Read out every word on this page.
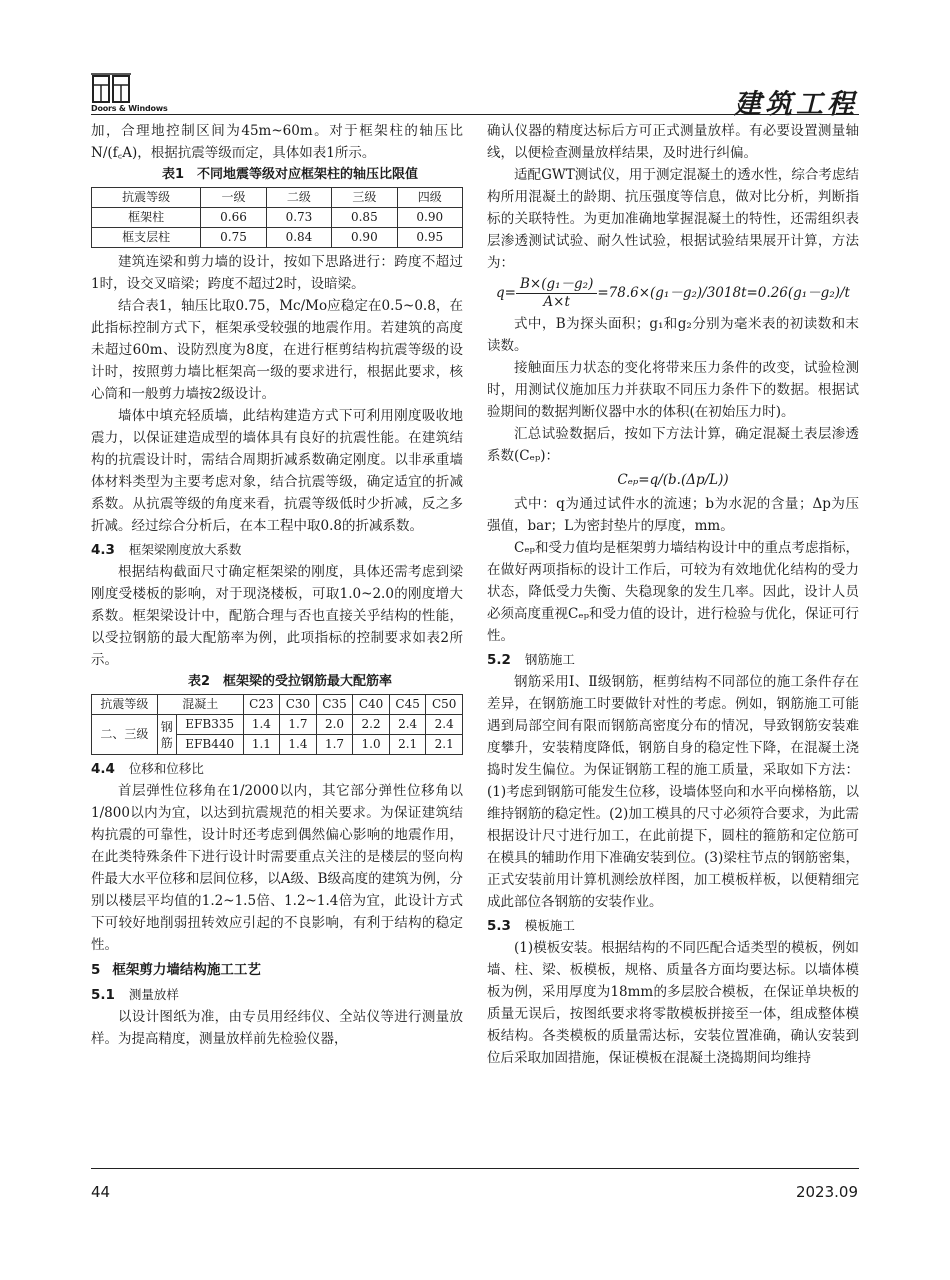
Doors & Windows	建筑工程

加，合理地控制区间为45m~60m。对于框架柱的轴压比N/(f꜀A)，根据抗震等级而定，具体如表1所示。

表1　不同地震等级对应框架柱的轴压比限值

抗震等级	一级	二级	三级	四级
框架柱	0.66	0.73	0.85	0.90
框支层柱	0.75	0.84	0.90	0.95

建筑连梁和剪力墙的设计，按如下思路进行：跨度不超过1时，设交叉暗梁；跨度不超过2时，设暗梁。

结合表1，轴压比取0.75，Mc/Mo应稳定在0.5~0.8，在此指标控制方式下，框架承受较强的地震作用。若建筑的高度未超过60m、设防烈度为8度，在进行框剪结构抗震等级的设计时，按照剪力墙比框架高一级的要求进行，根据此要求，核心筒和一般剪力墙按2级设计。

墙体中填充轻质墙，此结构建造方式下可利用刚度吸收地震力，以保证建造成型的墙体具有良好的抗震性能。在建筑结构的抗震设计时，需结合周期折减系数确定刚度。以非承重墙体材料类型为主要考虑对象，结合抗震等级，确定适宜的折减系数。从抗震等级的角度来看，抗震等级低时少折减，反之多折减。经过综合分析后，在本工程中取0.8的折减系数。

4.3 框架梁刚度放大系数

根据结构截面尺寸确定框架梁的刚度，具体还需考虑到梁刚度受楼板的影响，对于现浇楼板，可取1.0~2.0的刚度增大系数。框架梁设计中，配筋合理与否也直接关乎结构的性能，以受拉钢筋的最大配筋率为例，此项指标的控制要求如表2所示。

表2　框架梁的受拉钢筋最大配筋率

抗震等级	混凝土		C23	C30	C35	C40	C45	C50
二、三级	钢筋	EFB335	1.4	1.7	2.0	2.2	2.4	2.4
		EFB440	1.1	1.4	1.7	1.0	2.1	2.1
4.4 位移和位移比

首层弹性位移角在1/2000以内，其它部分弹性位移角以1/800以内为宜，以达到抗震规范的相关要求。为保证建筑结构抗震的可靠性，设计时还考虑到偶然偏心影响的地震作用，在此类特殊条件下进行设计时需要重点关注的是楼层的竖向构件最大水平位移和层间位移，以A级、B级高度的建筑为例，分别以楼层平均值的1.2~1.5倍、1.2~1.4倍为宜，此设计方式下可较好地削弱扭转效应引起的不良影响，有利于结构的稳定性。

5 框架剪力墙结构施工工艺
5.1 测量放样

以设计图纸为准，由专员用经纬仪、全站仪等进行测量放样。为提高精度，测量放样前先检验仪器，

确认仪器的精度达标后方可正式测量放样。有必要设置测量轴线，以便检查测量放样结果，及时进行纠偏。

适配GWT测试仪，用于测定混凝土的透水性，综合考虑结构所用混凝土的龄期、抗压强度等信息，做对比分析，判断指标的关联特性。为更加准确地掌握混凝土的特性，还需组织表层渗透测试试验、耐久性试验，根据试验结果展开计算，方法为：

$q= \frac{\text{B×(g₁－g₂)}}{A\times t} =78.6\times(g_1-g_2)/3018t=0.26(g_1-g_2)/t$

式中，B为探头面积；g₁和g₂分别为毫米表的初读数和末读数。

接触面压力状态的变化将带来压力条件的改变，试验检测时，用测试仪施加压力并获取不同压力条件下的数据。根据试验期间的数据判断仪器中水的体积(在初始压力时)。

汇总试验数据后，按如下方法计算，确定混凝土表层渗透系数(Cₑₚ)：

Cₑₚ=q/(b.(Δp/L))

式中：q为通过试件水的流速；b为水泥的含量；Δp为压强值，bar；L为密封垫片的厚度，mm。

Cₑₚ和受力值均是框架剪力墙结构设计中的重点考虑指标，在做好两项指标的设计工作后，可较为有效地优化结构的受力状态，降低受力失衡、失稳现象的发生几率。因此，设计人员必须高度重视Cₑₚ和受力值的设计，进行检验与优化，保证可行性。

5.2 钢筋施工

钢筋采用Ⅰ、Ⅱ级钢筋，框剪结构不同部位的施工条件存在差异，在钢筋施工时要做针对性的考虑。例如，钢筋施工可能遇到局部空间有限而钢筋高密度分布的情况，导致钢筋安装难度攀升，安装精度降低，钢筋自身的稳定性下降，在混凝土浇捣时发生偏位。为保证钢筋工程的施工质量，采取如下方法：(1)考虑到钢筋可能发生位移，设墙体竖向和水平向梯格筋，以维持钢筋的稳定性。(2)加工模具的尺寸必须符合要求，为此需根据设计尺寸进行加工，在此前提下，圆柱的箍筋和定位筋可在模具的辅助作用下准确安装到位。(3)梁柱节点的钢筋密集，正式安装前用计算机测绘放样图，加工模板样板，以便精细完成此部位各钢筋的安装作业。

5.3 模板施工

(1)模板安装。根据结构的不同匹配合适类型的模板，例如墙、柱、梁、板模板，规格、质量各方面均要达标。以墙体模板为例，采用厚度为18mm的多层胶合模板，在保证单块板的质量无误后，按图纸要求将零散模板拼接至一体，组成整体模板结构。各类模板的质量需达标，安装位置准确，确认安装到位后采取加固措施，保证模板在混凝土浇捣期间均维持

44	2023.09
